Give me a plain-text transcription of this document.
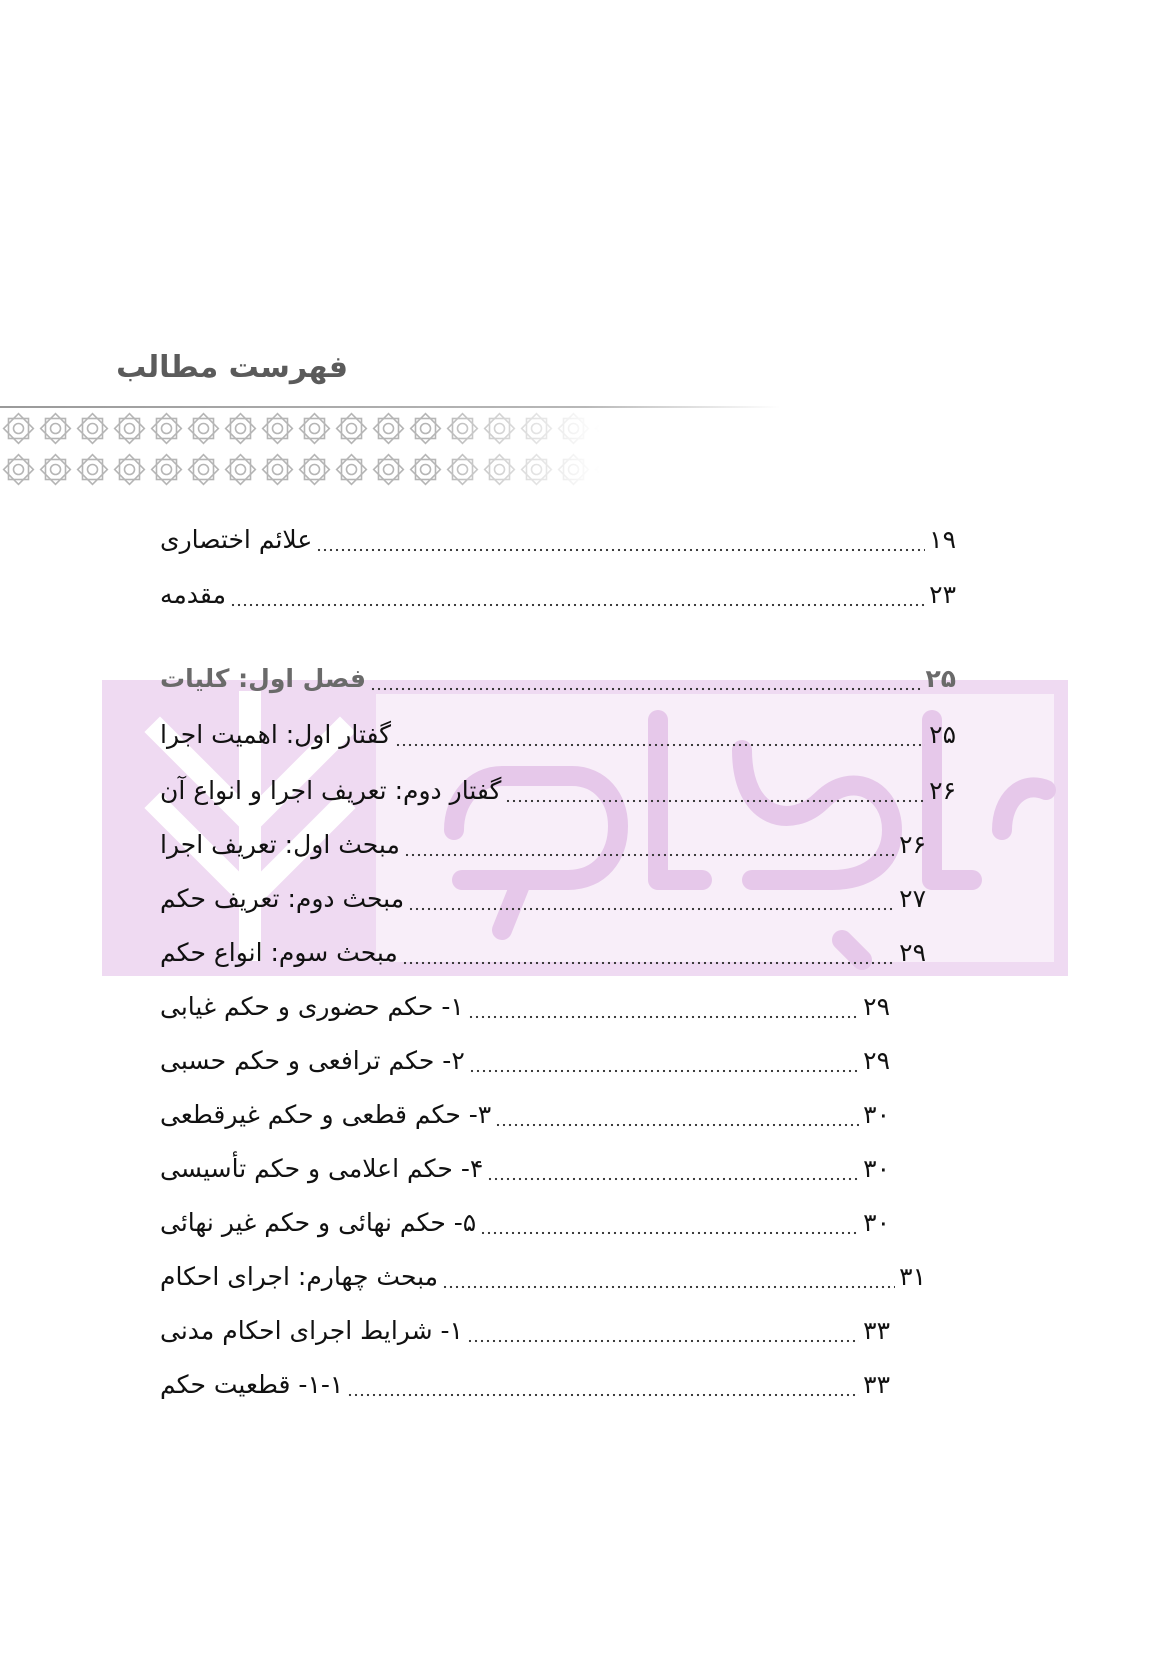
فهرست مطالب
علائم اختصاری	۱۹
مقدمه	۲۳
فصل اول: کلیات	۲۵
گفتار اول: اهمیت اجرا	۲۵
گفتار دوم: تعریف اجرا و انواع آن	۲۶
مبحث اول: تعریف اجرا	۲۶
مبحث دوم: تعریف حکم	۲۷
مبحث سوم: انواع حکم	۲۹
۱- حکم حضوری و حکم غیابی	۲۹
۲- حکم ترافعی و حکم حسبی	۲۹
۳- حکم قطعی و حکم غیرقطعی	۳۰
۴- حکم اعلامی و حکم تأسیسی	۳۰
۵- حکم نهائی و حکم غیر نهائی	۳۰
مبحث چهارم: اجرای احکام	۳۱
۱- شرایط اجرای احکام مدنی	۳۳
۱-۱- قطعیت حکم	۳۳
